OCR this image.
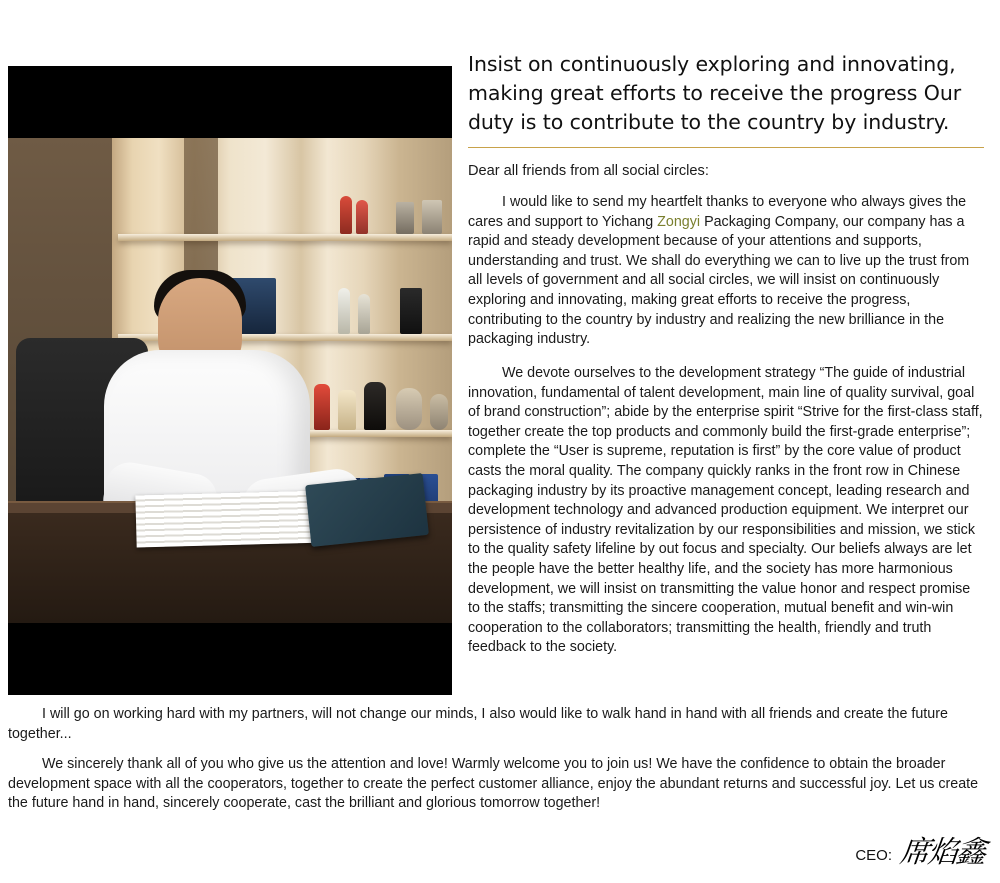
Insist on continuously exploring and innovating, making great efforts to receive the progress Our duty is to contribute to the country by industry.
Dear all friends from all social circles:

I would like to send my heartfelt thanks to everyone who always gives the cares and support to Yichang Zongyi Packaging Company, our company has a rapid and steady development because of your attentions and supports, understanding and trust. We shall do everything we can to live up the trust from all levels of government and all social circles, we will insist on continuously exploring and innovating, making great efforts to receive the progress, contributing to the country by industry and realizing the new brilliance in the packaging industry.

We devote ourselves to the development strategy “The guide of industrial innovation, fundamental of talent development, main line of quality survival, goal of brand construction”; abide by the enterprise spirit “Strive for the first-class staff, together create the top products and commonly build the first-grade enterprise”; complete the “User is supreme, reputation is first” by the core value of product casts the moral quality. The company quickly ranks in the front row in Chinese packaging industry by its proactive management concept, leading research and development technology and advanced production equipment. We interpret our persistence of industry revitalization by our responsibilities and mission, we stick to the quality safety lifeline by out focus and specialty. Our beliefs always are let the people have the better healthy life, and the society has more harmonious development, we will insist on transmitting the value honor and respect promise to the staffs; transmitting the sincere cooperation, mutual benefit and win-win cooperation to the collaborators; transmitting the health, friendly and truth feedback to the society.

I will go on working hard with my partners, will not change our minds, I also would like to walk hand in hand with all friends and create the future together...

We sincerely thank all of you who give us the attention and love! Warmly welcome you to join us! We have the confidence to obtain the broader development space with all the cooperators, together to create the perfect customer alliance, enjoy the abundant returns and successful joy. Let us create the future hand in hand, sincerely cooperate, cast the brilliant and glorious tomorrow together!

CEO: 席焰鑫
